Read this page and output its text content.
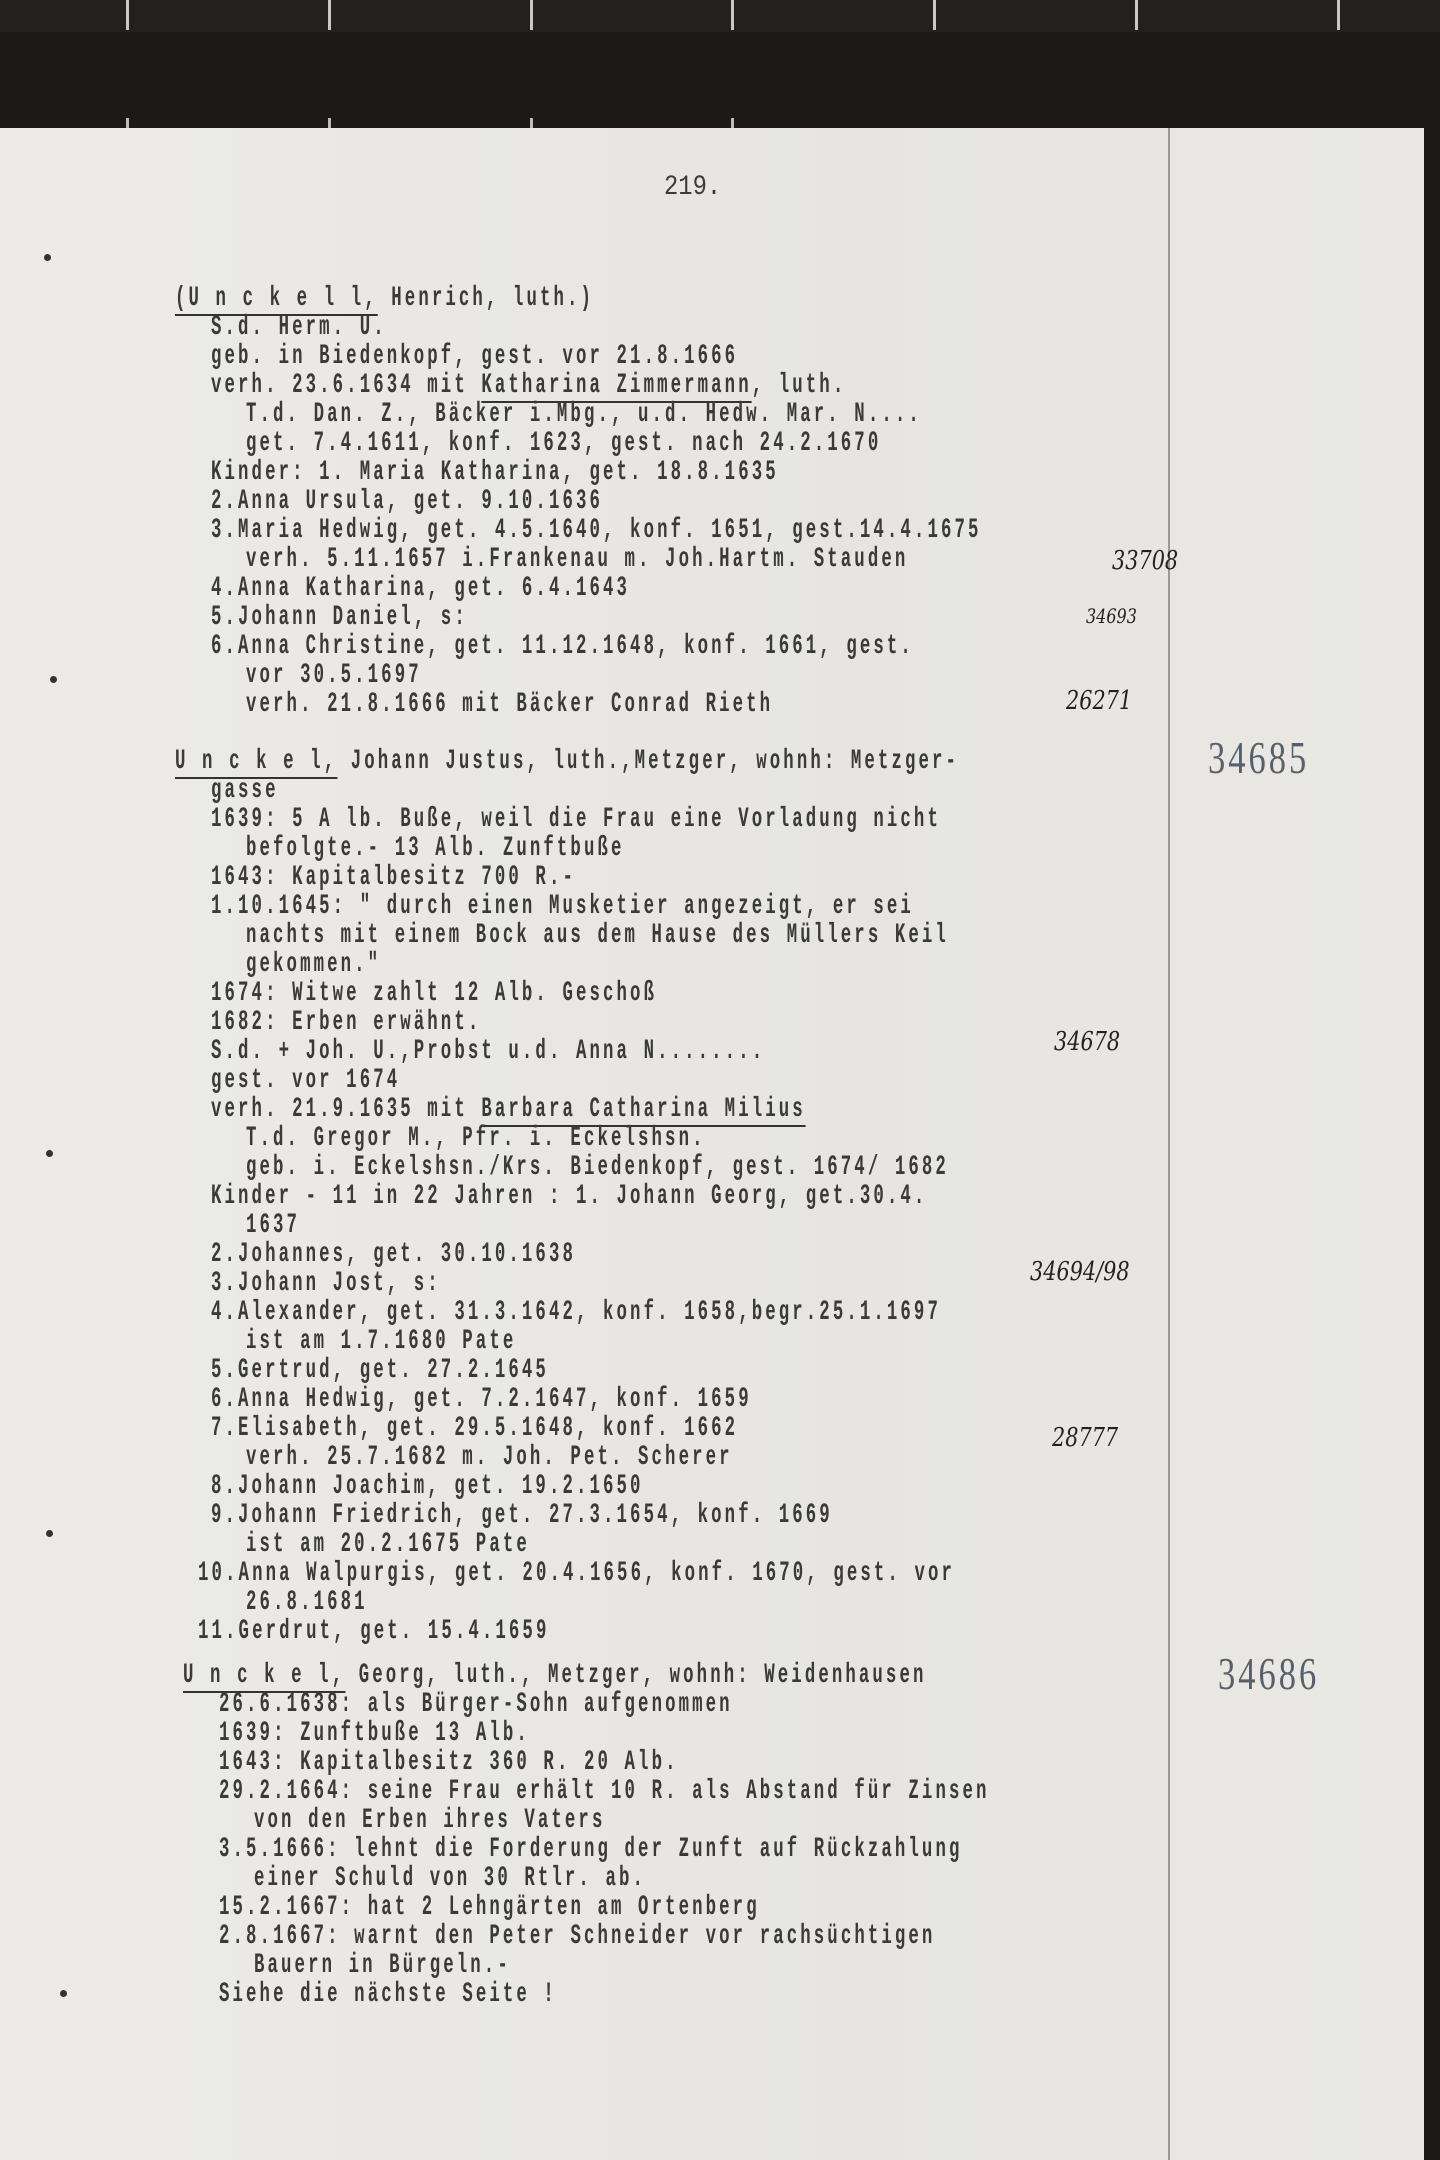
219.
(U n c k e l l, Henrich, luth.)
S.d. Herm. U.
geb. in Biedenkopf, gest. vor 21.8.1666
verh. 23.6.1634 mit Katharina Zimmermann, luth.
T.d. Dan. Z., Bäcker i.Mbg., u.d. Hedw. Mar. N....
get. 7.4.1611, konf. 1623, gest. nach 24.2.1670
Kinder: 1. Maria Katharina, get. 18.8.1635
2.Anna Ursula, get. 9.10.1636
3.Maria Hedwig, get. 4.5.1640, konf. 1651, gest.14.4.1675
verh. 5.11.1657 i.Frankenau m. Joh.Hartm. Stauden
4.Anna Katharina, get. 6.4.1643
5.Johann Daniel, s:
6.Anna Christine, get. 11.12.1648, konf. 1661, gest.
vor 30.5.1697
verh. 21.8.1666 mit Bäcker Conrad Rieth
33708
34693
26271
U n c k e l, Johann Justus, luth.,Metzger, wohnh: Metzger-	34685
gasse
1639: 5 A lb. Buße, weil die Frau eine Vorladung nicht
befolgte.- 13 Alb. Zunftbuße
1643: Kapitalbesitz 700 R.-
1.10.1645: " durch einen Musketier angezeigt, er sei
nachts mit einem Bock aus dem Hause des Müllers Keil
gekommen."
1674: Witwe zahlt 12 Alb. Geschoß
1682: Erben erwähnt.
S.d. + Joh. U.,Probst u.d. Anna N........
gest. vor 1674
verh. 21.9.1635 mit Barbara Catharina Milius
T.d. Gregor M., Pfr. i. Eckelshsn.
geb. i. Eckelshsn./Krs. Biedenkopf, gest. 1674/ 1682
Kinder - 11 in 22 Jahren : 1. Johann Georg, get.30.4.
1637
2.Johannes, get. 30.10.1638
3.Johann Jost, s:
4.Alexander, get. 31.3.1642, konf. 1658,begr.25.1.1697
ist am 1.7.1680 Pate
5.Gertrud, get. 27.2.1645
6.Anna Hedwig, get. 7.2.1647, konf. 1659
7.Elisabeth, get. 29.5.1648, konf. 1662
verh. 25.7.1682 m. Joh. Pet. Scherer
8.Johann Joachim, get. 19.2.1650
9.Johann Friedrich, get. 27.3.1654, konf. 1669
ist am 20.2.1675 Pate
10.Anna Walpurgis, get. 20.4.1656, konf. 1670, gest. vor
26.8.1681
11.Gerdrut, get. 15.4.1659
34678
34694/98
28777
U n c k e l, Georg, luth., Metzger, wohnh: Weidenhausen	34686
26.6.1638: als Bürger-Sohn aufgenommen
1639: Zunftbuße 13 Alb.
1643: Kapitalbesitz 360 R. 20 Alb.
29.2.1664: seine Frau erhält 10 R. als Abstand für Zinsen
von den Erben ihres Vaters
3.5.1666: lehnt die Forderung der Zunft auf Rückzahlung
einer Schuld von 30 Rtlr. ab.
15.2.1667: hat 2 Lehngärten am Ortenberg
2.8.1667: warnt den Peter Schneider vor rachsüchtigen
Bauern in Bürgeln.-
Siehe die nächste Seite !
